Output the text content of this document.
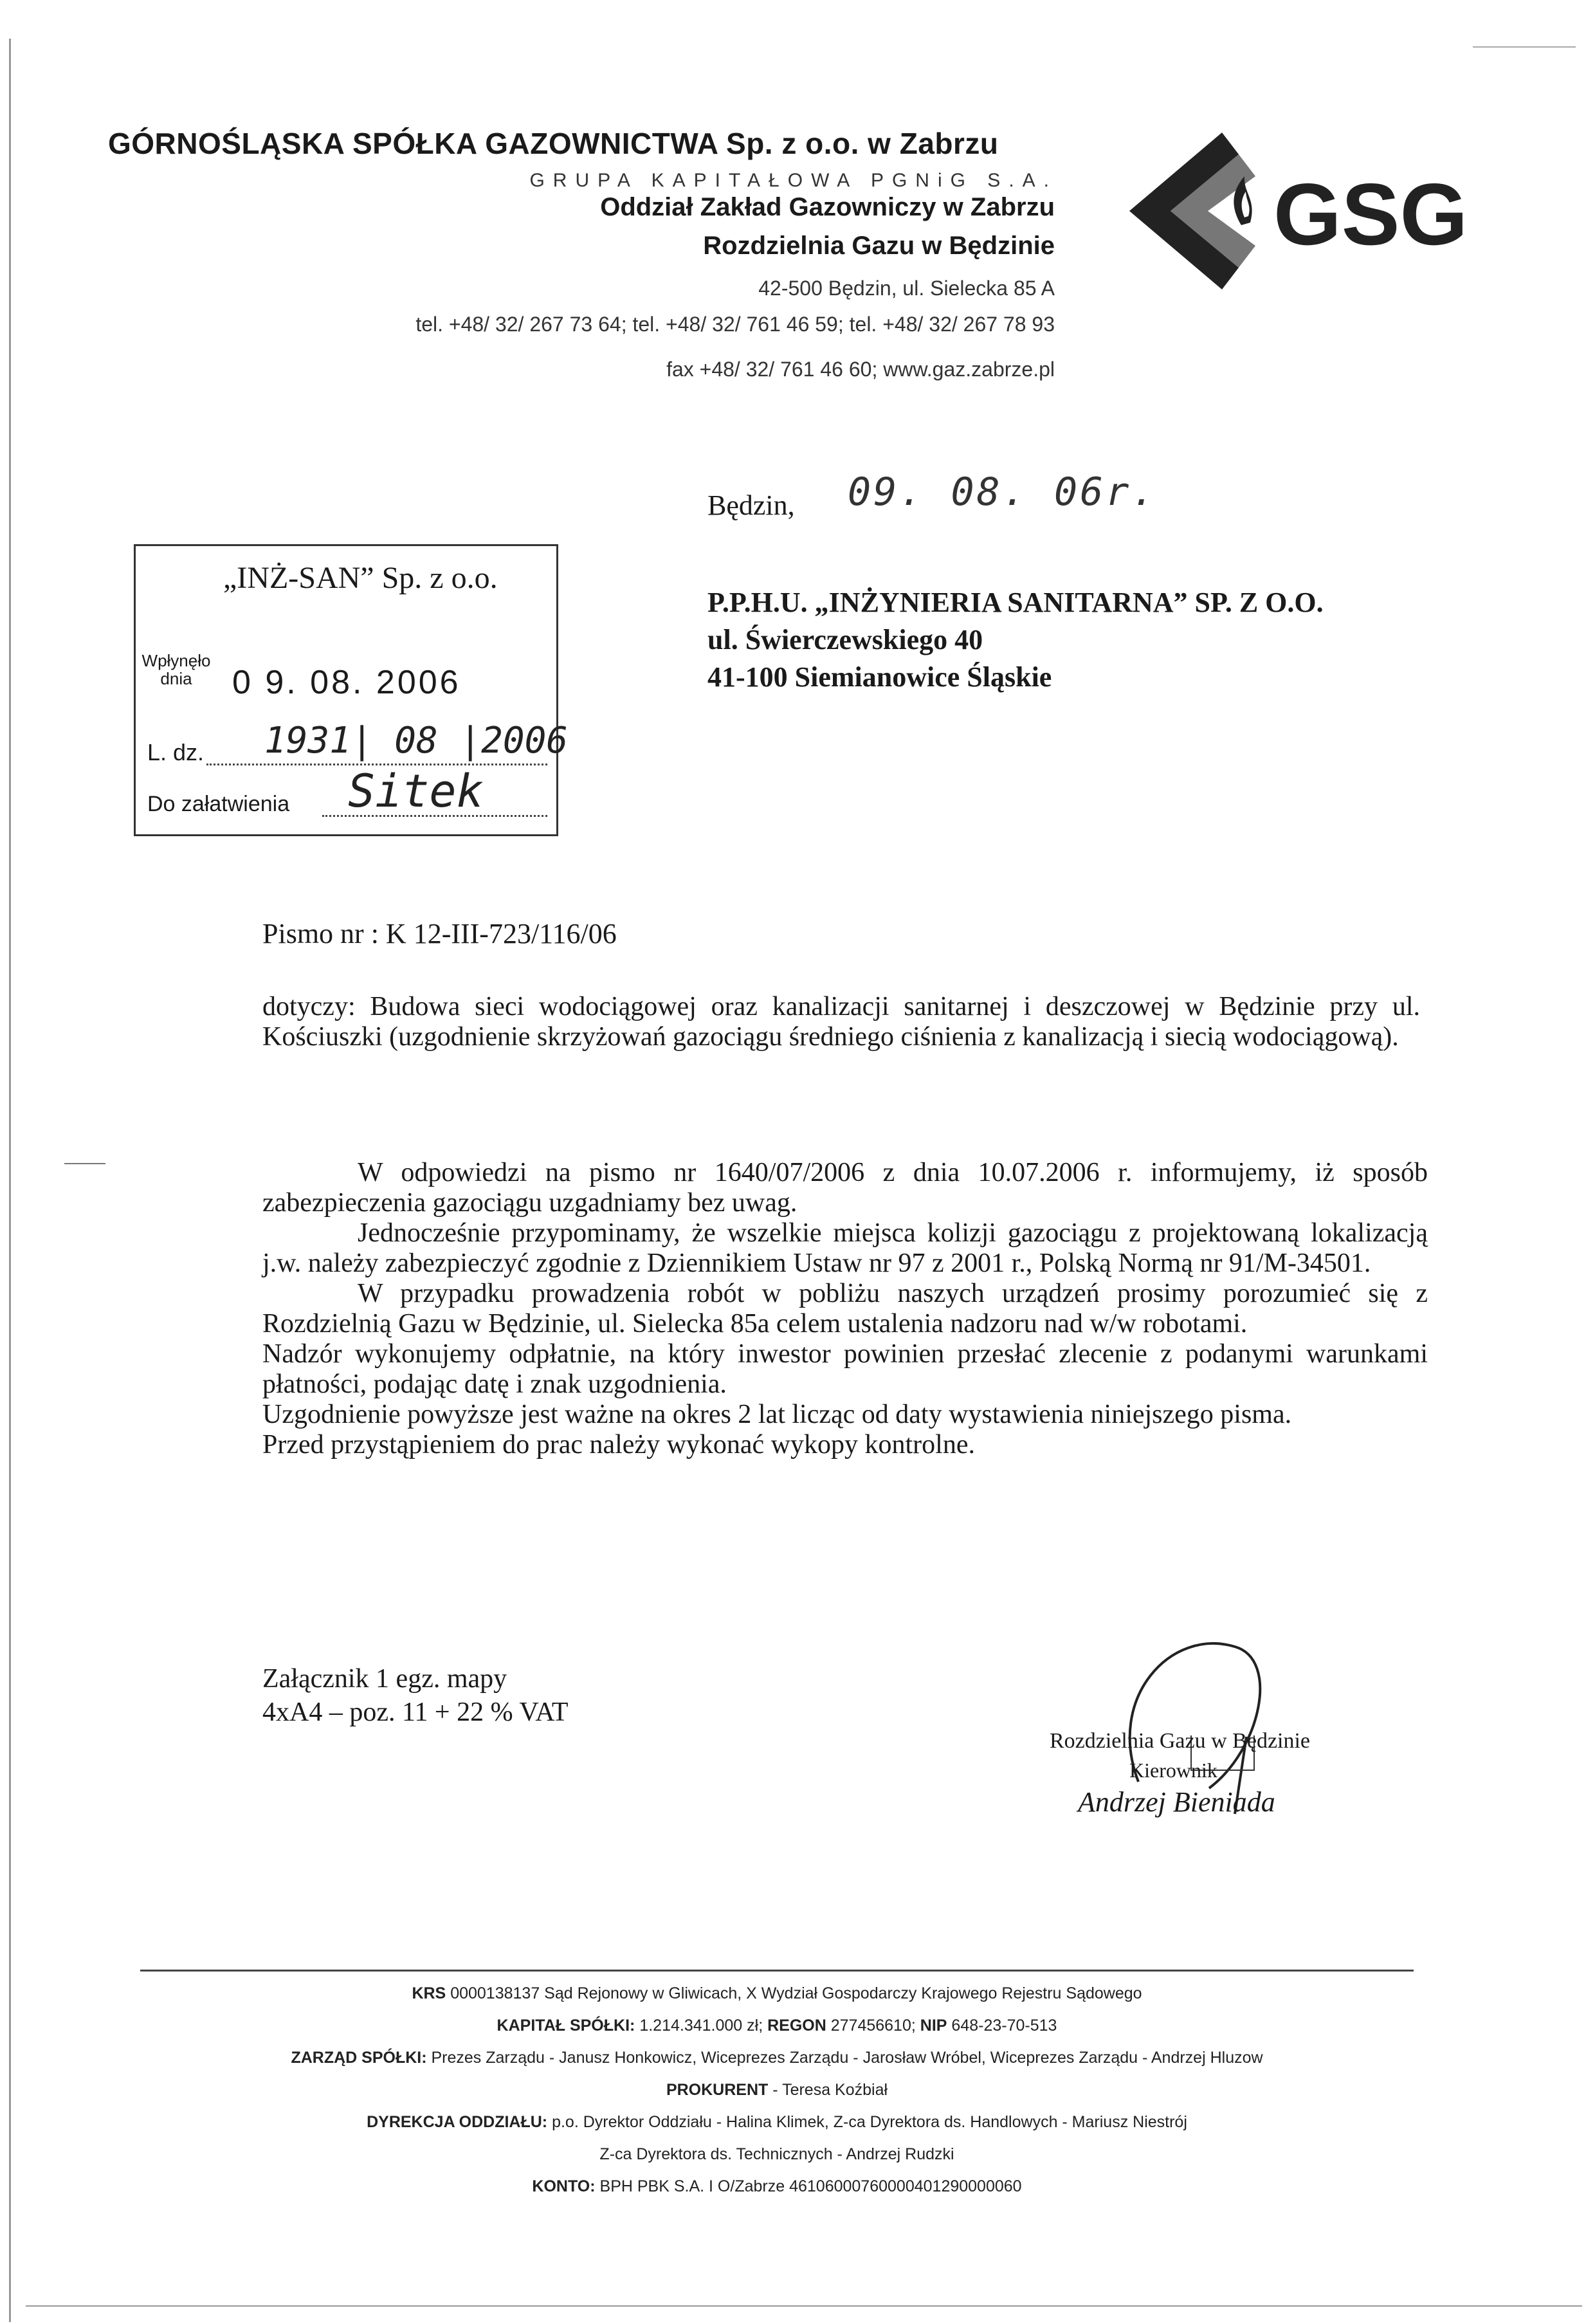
GÓRNOŚLĄSKA SPÓŁKA GAZOWNICTWA Sp. z o.o. w Zabrzu
GRUPA KAPITAŁOWA PGNiG S.A.
Oddział Zakład Gazowniczy w Zabrzu
Rozdzielnia Gazu w Będzinie
42-500 Będzin, ul. Sielecka 85 A
tel. +48/ 32/ 267 73 64; tel. +48/ 32/ 761 46 59; tel. +48/ 32/ 267 78 93
fax +48/ 32/ 761 46 60; www.gaz.zabrze.pl
GSG
Będzin, 09. 08. 06r.
„INŻ-SAN” Sp. z o.o.
Wpłynęło dnia	0 9. 08. 2006
L. dz. 1931| 08 |2006
Do załatwienia Sitek
P.P.H.U. „INŻYNIERIA SANITARNA” SP. Z O.O.
ul. Świerczewskiego 40
41-100 Siemianowice Śląskie
Pismo nr : K 12-III-723/116/06
dotyczy: Budowa sieci wodociągowej oraz kanalizacji sanitarnej i deszczowej w Będzinie przy ul. Kościuszki (uzgodnienie skrzyżowań gazociągu średniego ciśnienia z kanalizacją i siecią wodociągową).
W odpowiedzi na pismo nr 1640/07/2006 z dnia 10.07.2006 r. informujemy, iż sposób zabezpieczenia gazociągu uzgadniamy bez uwag.
Jednocześnie przypominamy, że wszelkie miejsca kolizji gazociągu z projektowaną lokalizacją j.w. należy zabezpieczyć zgodnie z Dziennikiem Ustaw nr 97 z 2001 r., Polską Normą nr 91/M-34501.
W przypadku prowadzenia robót w pobliżu naszych urządzeń prosimy porozumieć się z Rozdzielnią Gazu w Będzinie, ul. Sielecka 85a celem ustalenia nadzoru nad w/w robotami.
Nadzór wykonujemy odpłatnie, na który inwestor powinien przesłać zlecenie z podanymi warunkami płatności, podając datę i znak uzgodnienia.
Uzgodnienie powyższe jest ważne na okres 2 lat licząc od daty wystawienia niniejszego pisma.
Przed przystąpieniem do prac należy wykonać wykopy kontrolne.
Załącznik 1 egz. mapy
4xA4 – poz. 11 + 22 % VAT
Rozdzielnia Gazu w Będzinie
Kierownik
Andrzej Bieniada
KRS 0000138137 Sąd Rejonowy w Gliwicach, X Wydział Gospodarczy Krajowego Rejestru Sądowego
KAPITAŁ SPÓŁKI: 1.214.341.000 zł; REGON 277456610; NIP 648-23-70-513
ZARZĄD SPÓŁKI: Prezes Zarządu - Janusz Honkowicz, Wiceprezes Zarządu - Jarosław Wróbel, Wiceprezes Zarządu - Andrzej Hluzow
PROKURENT - Teresa Koźbiał
DYREKCJA ODDZIAŁU: p.o. Dyrektor Oddziału - Halina Klimek, Z-ca Dyrektora ds. Handlowych - Mariusz Niestrój
Z-ca Dyrektora ds. Technicznych - Andrzej Rudzki
KONTO: BPH PBK S.A. I O/Zabrze 46106000760000401290000060
